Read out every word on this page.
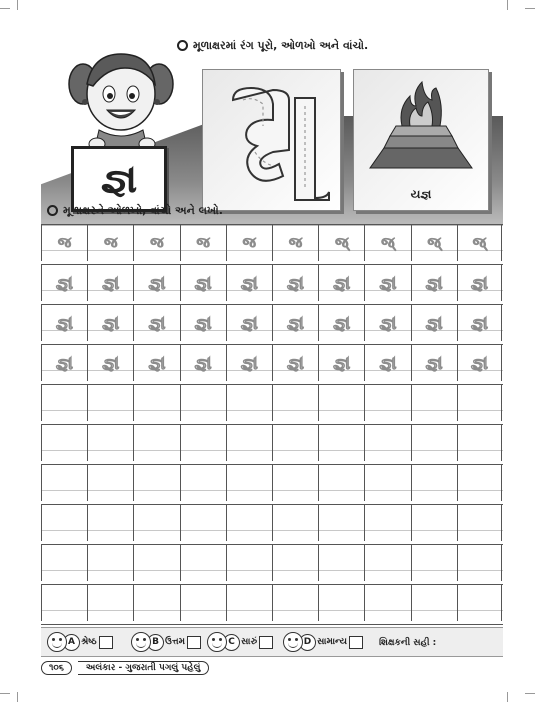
મૂળાક્ષરમાં રંગ પૂરો, ઓળખો અને વાંચો.
જ્ઞ	યજ્ઞ
મૂળાક્ષરને ઓળખો, વાંચો અને લખો.
જ જ જ જ જ જ જ્ જ્ જ્ જ્
જ્ઞ જ્ઞ જ્ઞ જ્ઞ જ્ઞ જ્ઞ જ્ઞ જ્ઞ જ્ઞ જ્ઞ
જ્ઞ જ્ઞ જ્ઞ જ્ઞ જ્ઞ જ્ઞ જ્ઞ જ્ઞ જ્ઞ જ્ઞ
જ્ઞ જ્ઞ જ્ઞ જ્ઞ જ્ઞ જ્ઞ જ્ઞ જ્ઞ જ્ઞ જ્ઞ
A શ્રેષ્ઠ	B ઉત્તમ	C સારું	D સામાન્ય	શિક્ષકની સહી :
૧૦૬	અલંકાર - ગુજરાતી પગલું પહેલું
